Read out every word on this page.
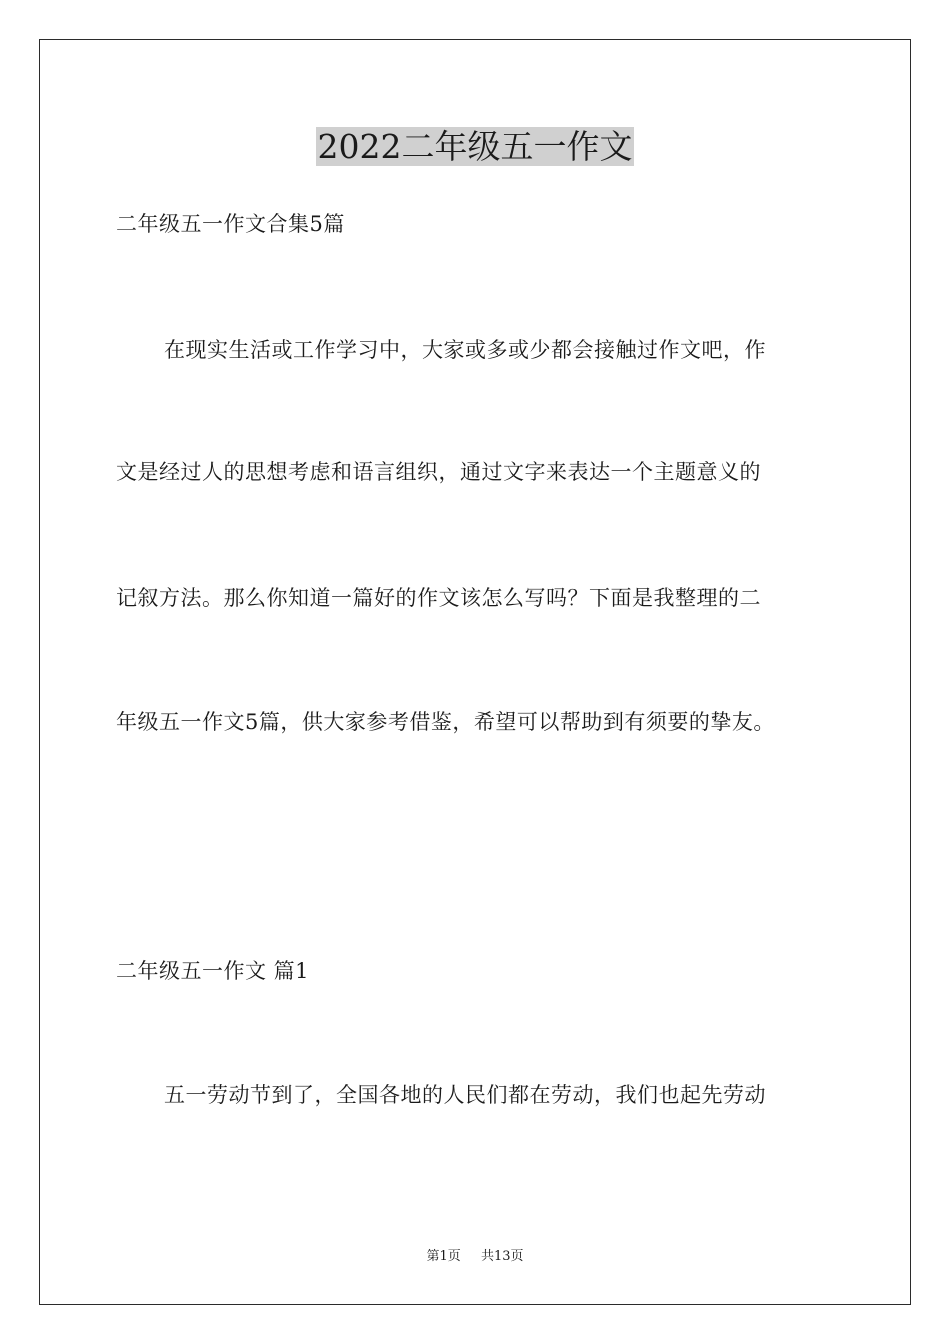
2022二年级五一作文
二年级五一作文合集5篇
在现实生活或工作学习中，大家或多或少都会接触过作文吧，作
文是经过人的思想考虑和语言组织，通过文字来表达一个主题意义的
记叙方法。那么你知道一篇好的作文该怎么写吗？下面是我整理的二
年级五一作文5篇，供大家参考借鉴，希望可以帮助到有须要的挚友。
二年级五一作文 篇1
五一劳动节到了，全国各地的人民们都在劳动，我们也起先劳动
第1页 共13页
